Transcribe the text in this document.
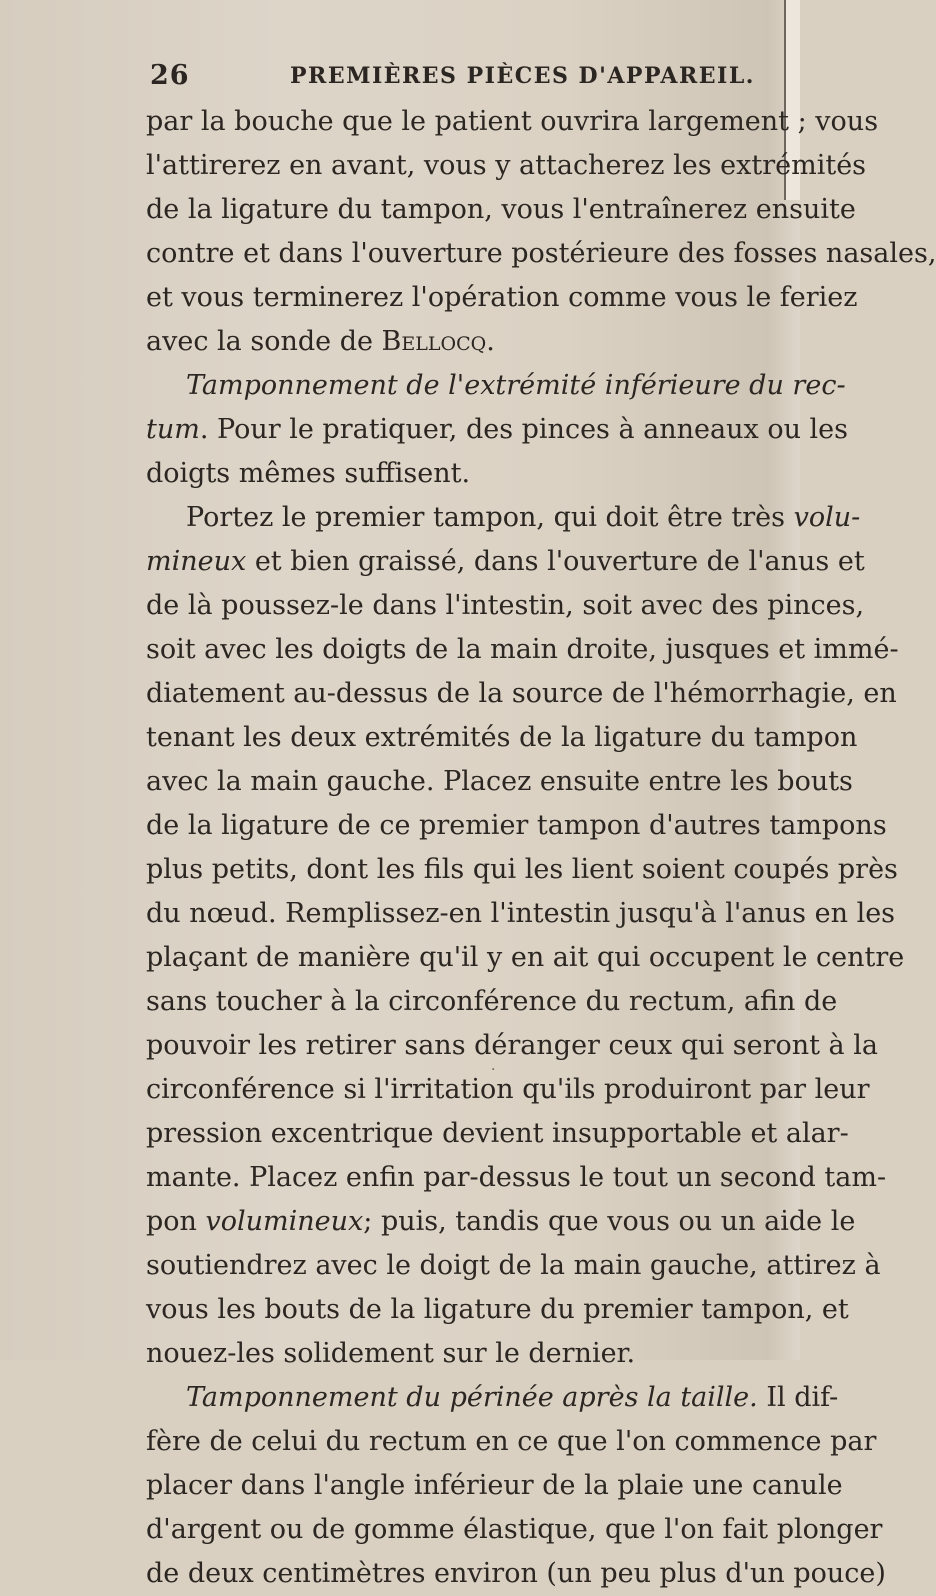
26	PREMIÈRES PIÈCES D'APPAREIL.
par la bouche que le patient ouvrira largement ; vous
l'attirerez en avant, vous y attacherez les extrémités
de la ligature du tampon, vous l'entraînerez ensuite
contre et dans l'ouverture postérieure des fosses nasales,
et vous terminerez l'opération comme vous le feriez
avec la sonde de Bellocq.
Tamponnement de l'extrémité inférieure du rec-
tum. Pour le pratiquer, des pinces à anneaux ou les
doigts mêmes suffisent.
Portez le premier tampon, qui doit être très volu-
mineux et bien graissé, dans l'ouverture de l'anus et
de là poussez-le dans l'intestin, soit avec des pinces,
soit avec les doigts de la main droite, jusques et immé-
diatement au-dessus de la source de l'hémorrhagie, en
tenant les deux extrémités de la ligature du tampon
avec la main gauche. Placez ensuite entre les bouts
de la ligature de ce premier tampon d'autres tampons
plus petits, dont les fils qui les lient soient coupés près
du nœud. Remplissez-en l'intestin jusqu'à l'anus en les
plaçant de manière qu'il y en ait qui occupent le centre
sans toucher à la circonférence du rectum, afin de
pouvoir les retirer sans déranger ceux qui seront à la
circonférence si l'irritation qu'ils produiront par leur
pression excentrique devient insupportable et alar-
mante. Placez enfin par-dessus le tout un second tam-
pon volumineux; puis, tandis que vous ou un aide le
soutiendrez avec le doigt de la main gauche, attirez à
vous les bouts de la ligature du premier tampon, et
nouez-les solidement sur le dernier.
Tamponnement du périnée après la taille. Il dif-
fère de celui du rectum en ce que l'on commence par
placer dans l'angle inférieur de la plaie une canule
d'argent ou de gomme élastique, que l'on fait plonger
de deux centimètres environ (un peu plus d'un pouce)
·
